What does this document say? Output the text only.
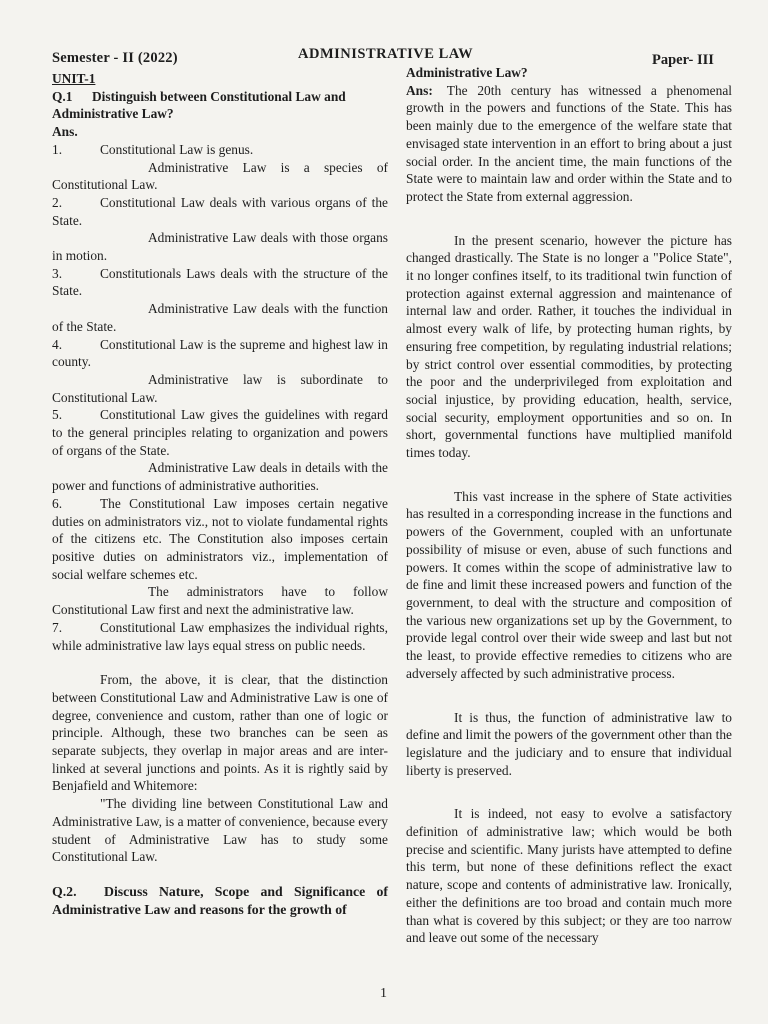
Semester - II (2022)	ADMINISTRATIVE LAW	Paper- III

UNIT-1

Q.1 Distinguish between Constitutional Law and Administrative Law?

Ans.

1.	Constitutional Law is genus.

Administrative Law is a species of Constitutional Law.

2.	Constitutional Law deals with various organs of the State.

Administrative Law deals with those organs in motion.

3.	Constitutionals Laws deals with the structure of the State.

Administrative Law deals with the function of the State.

4.	Constitutional Law is the supreme and highest law in county.

Administrative law is subordinate to Constitutional Law.

5.	Constitutional Law gives the guidelines with regard to the general principles relating to organization and powers of organs of the State.

Administrative Law deals in details with the power and functions of administrative authorities.

6.	The Constitutional Law imposes certain negative duties on administrators viz., not to violate fundamental rights of the citizens etc. The Constitution also imposes certain positive duties on administrators viz., implementation of social welfare schemes etc.

The administrators have to follow Constitutional Law first and next the administrative law.

7.	Constitutional Law emphasizes the individual rights, while administrative law lays equal stress on public needs.

From, the above, it is clear, that the distinction between Constitutional Law and Administrative Law is one of degree, convenience and custom, rather than one of logic or principle. Although, these two branches can be seen as separate subjects, they overlap in major areas and are inter-linked at several junctions and points. As it is rightly said by Benjafield and Whitemore:

"The dividing line between Constitutional Law and Administrative Law, is a matter of convenience, because every student of Administrative Law has to study some Constitutional Law.

Q.2. Discuss Nature, Scope and Significance of Administrative Law and reasons for the growth of

Administrative Law?

Ans: The 20th century has witnessed a phenomenal growth in the powers and functions of the State. This has been mainly due to the emergence of the welfare state that envisaged state intervention in an effort to bring about a just social order. In the ancient time, the main functions of the State were to maintain law and order within the State and to protect the State from external aggression.

In the present scenario, however the picture has changed drastically. The State is no longer a "Police State", it no longer confines itself, to its traditional twin function of protection against external aggression and maintenance of internal law and order. Rather, it touches the individual in almost every walk of life, by protecting human rights, by ensuring free competition, by regulating industrial relations; by strict control over essential commodities, by protecting the poor and the underprivileged from exploitation and social injustice, by providing education, health, service, social security, employment opportunities and so on. In short, governmental functions have multiplied manifold times today.

This vast increase in the sphere of State activities has resulted in a corresponding increase in the functions and powers of the Government, coupled with an unfortunate possibility of misuse or even, abuse of such functions and powers. It comes within the scope of administrative law to de fine and limit these increased powers and function of the government, to deal with the structure and composition of the various new organizations set up by the Government, to provide legal control over their wide sweep and last but not the least, to provide effective remedies to citizens who are adversely affected by such administrative process.

It is thus, the function of administrative law to define and limit the powers of the government other than the legislature and the judiciary and to ensure that individual liberty is preserved.

It is indeed, not easy to evolve a satisfactory definition of administrative law; which would be both precise and scientific. Many jurists have attempted to define this term, but none of these definitions reflect the exact nature, scope and contents of administrative law. Ironically, either the definitions are too broad and contain much more than what is covered by this subject; or they are too narrow and leave out some of the necessary

1
